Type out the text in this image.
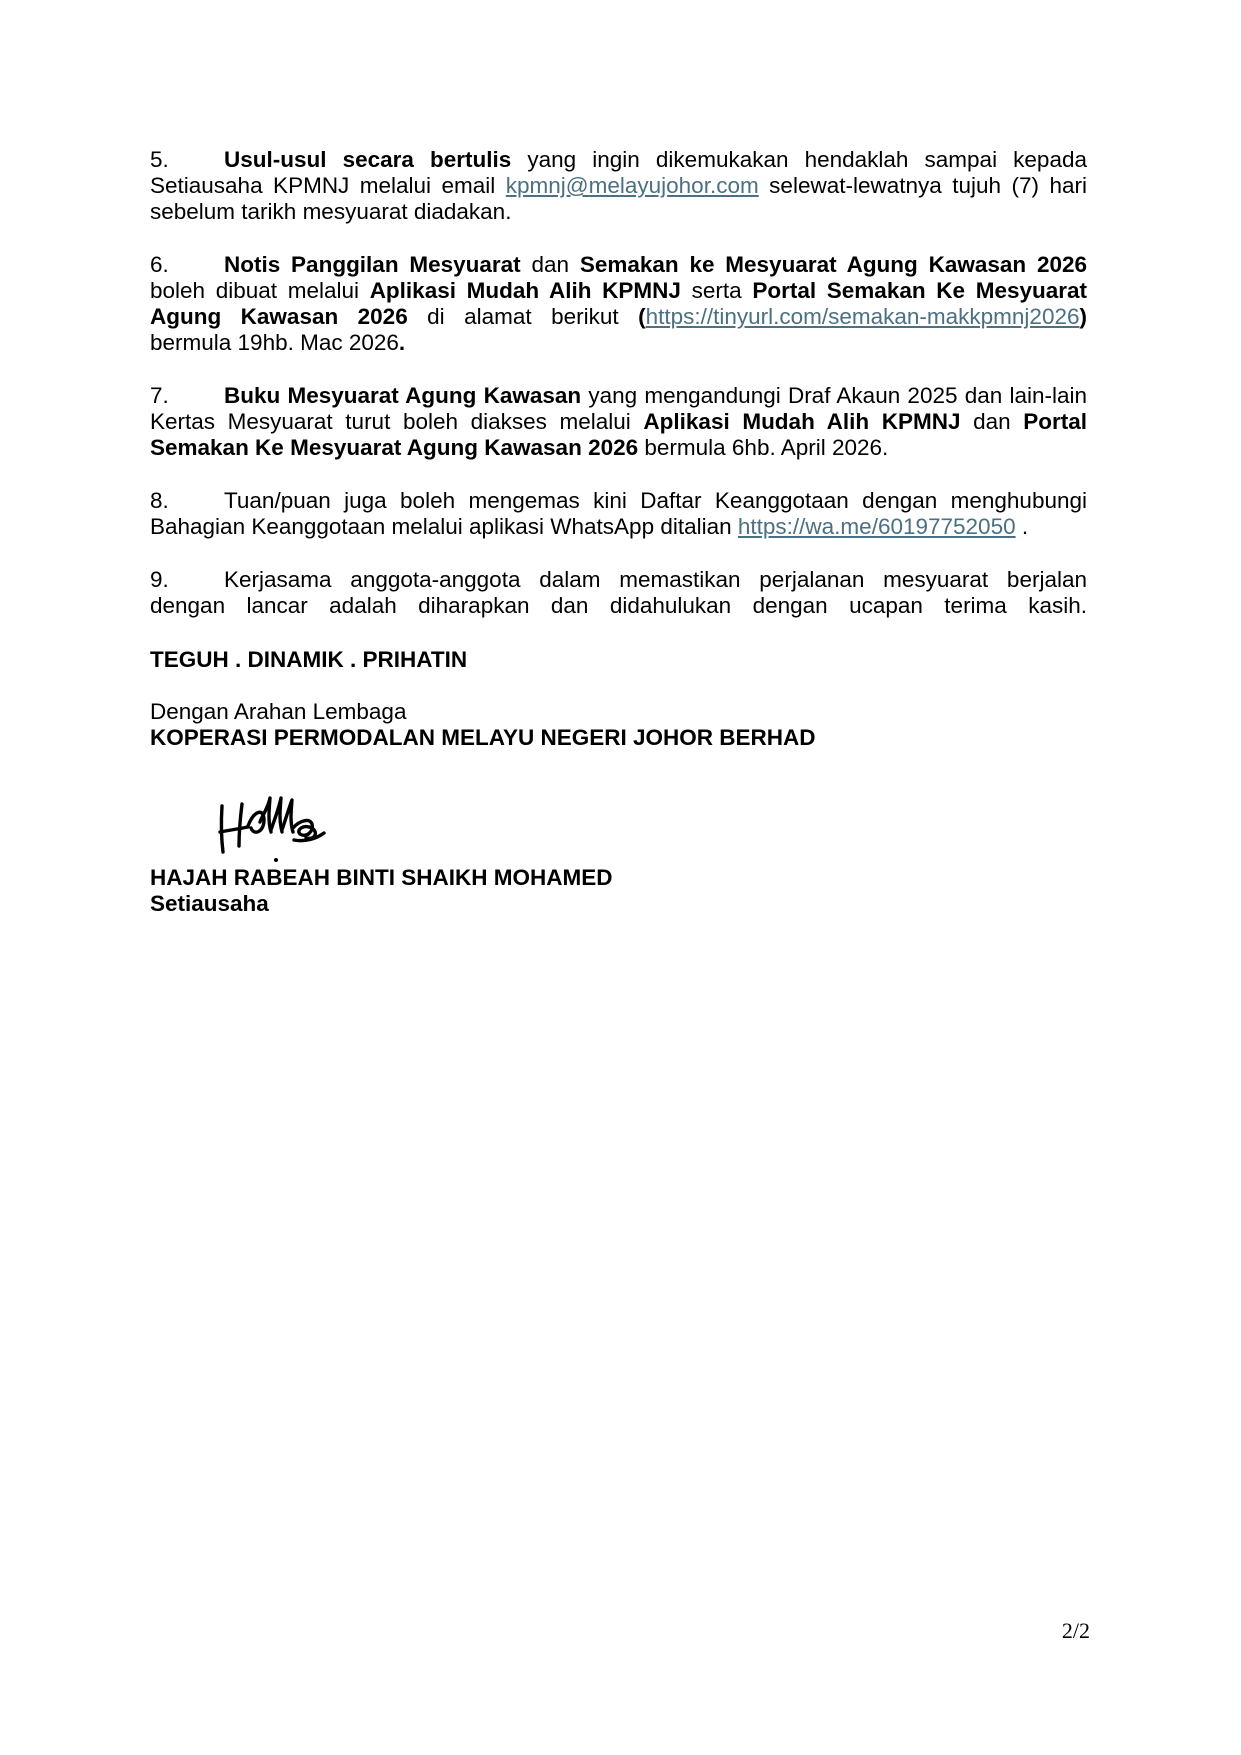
5. Usul-usul secara bertulis yang ingin dikemukakan hendaklah sampai kepada Setiausaha KPMNJ melalui email kpmnj@melayujohor.com selewat-lewatnya tujuh (7) hari sebelum tarikh mesyuarat diadakan.
6. Notis Panggilan Mesyuarat dan Semakan ke Mesyuarat Agung Kawasan 2026 boleh dibuat melalui Aplikasi Mudah Alih KPMNJ serta Portal Semakan Ke Mesyuarat Agung Kawasan 2026 di alamat berikut (https://tinyurl.com/semakan-makkpmnj2026) bermula 19hb. Mac 2026.
7. Buku Mesyuarat Agung Kawasan yang mengandungi Draf Akaun 2025 dan lain-lain Kertas Mesyuarat turut boleh diakses melalui Aplikasi Mudah Alih KPMNJ dan Portal Semakan Ke Mesyuarat Agung Kawasan 2026 bermula 6hb. April 2026.
8. Tuan/puan juga boleh mengemas kini Daftar Keanggotaan dengan menghubungi Bahagian Keanggotaan melalui aplikasi WhatsApp ditalian https://wa.me/60197752050 .
9. Kerjasama anggota-anggota dalam memastikan perjalanan mesyuarat berjalan dengan lancar adalah diharapkan dan didahulukan dengan ucapan terima kasih.
TEGUH . DINAMIK . PRIHATIN
Dengan Arahan Lembaga
KOPERASI PERMODALAN MELAYU NEGERI JOHOR BERHAD
HAJAH RABEAH BINTI SHAIKH MOHAMED
Setiausaha
2/2
